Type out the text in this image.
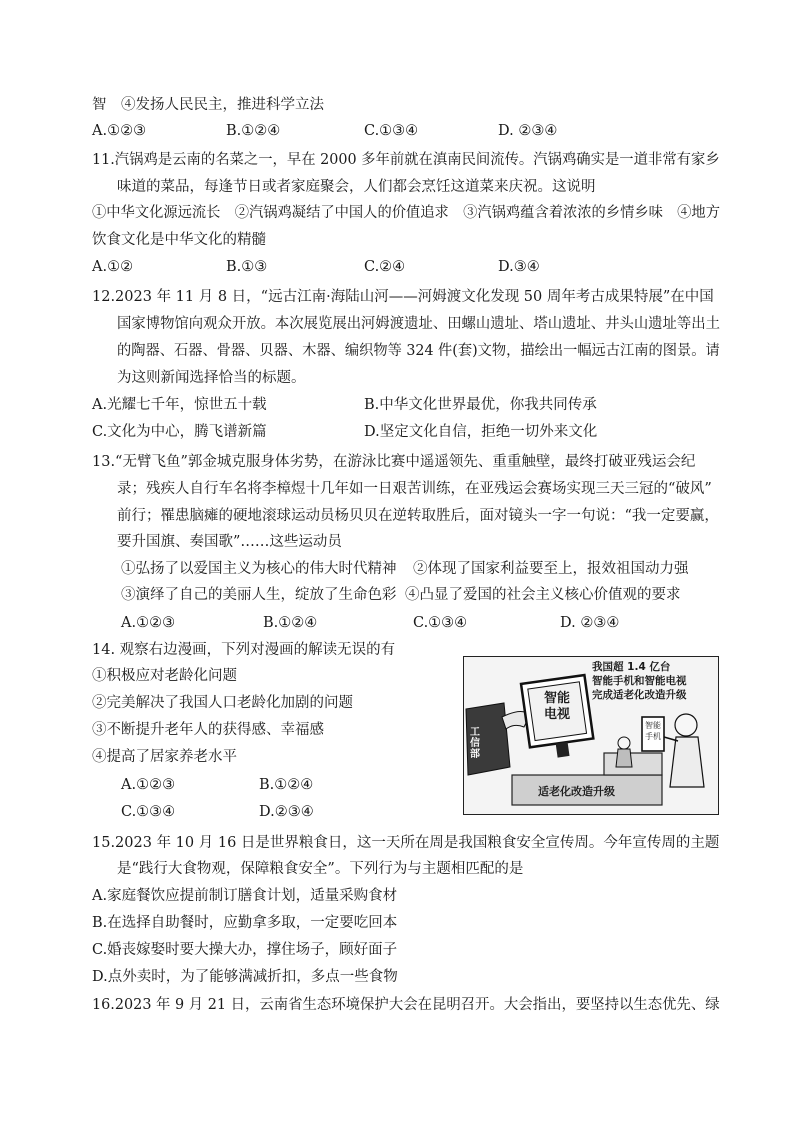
智　④发扬人民民主，推进科学立法
A.①②③	B.①②④	C.①③④	D. ②③④
11.汽锅鸡是云南的名菜之一，早在 2000 多年前就在滇南民间流传。汽锅鸡确实是一道非常有家乡
味道的菜品，每逢节日或者家庭聚会，人们都会烹饪这道菜来庆祝。这说明
①中华文化源远流长　②汽锅鸡凝结了中国人的价值追求　③汽锅鸡蕴含着浓浓的乡情乡味　④地方
饮食文化是中华文化的精髓
A.①②	B.①③	C.②④	D.③④
12.2023 年 11 月 8 日，“远古江南·海陆山河——河姆渡文化发现 50 周年考古成果特展”在中国
国家博物馆向观众开放。本次展览展出河姆渡遗址、田螺山遗址、塔山遗址、井头山遗址等出土
的陶器、石器、骨器、贝器、木器、编织物等 324 件(套)文物，描绘出一幅远古江南的图景。请
为这则新闻选择恰当的标题。
A.光耀七千年，惊世五十载	B.中华文化世界最优，你我共同传承
C.文化为中心，腾飞谱新篇	D.坚定文化自信，拒绝一切外来文化
13.“无臂飞鱼”郭金城克服身体劣势，在游泳比赛中遥遥领先、重重触壁，最终打破亚残运会纪
录；残疾人自行车名将李樟煜十几年如一日艰苦训练，在亚残运会赛场实现三天三冠的“破风”
前行；罹患脑瘫的硬地滚球运动员杨贝贝在逆转取胜后，面对镜头一字一句说：“我一定要赢，
要升国旗、奏国歌”……这些运动员
①弘扬了以爱国主义为核心的伟大时代精神 ②体现了国家利益要至上，报效祖国动力强
③演绎了自己的美丽人生，绽放了生命色彩 ④凸显了爱国的社会主义核心价值观的要求
A.①②③	B.①②④	C.①③④	D. ②③④
14. 观察右边漫画，下列对漫画的解读无误的有
①积极应对老龄化问题
②完美解决了我国人口老龄化加剧的问题
③不断提升老年人的获得感、幸福感
④提高了居家养老水平
A.①②③	B.①②④
C.①③④	D.②③④
我国超 1.4 亿台
智能手机和智能电视
完成适老化改造升级
智能
电视
智能
手机
工信部
适老化改造升级
15.2023 年 10 月 16 日是世界粮食日，这一天所在周是我国粮食安全宣传周。今年宣传周的主题
是“践行大食物观，保障粮食安全”。下列行为与主题相匹配的是
A.家庭餐饮应提前制订膳食计划，适量采购食材
B.在选择自助餐时，应勤拿多取，一定要吃回本
C.婚丧嫁娶时要大操大办，撑住场子，顾好面子
D.点外卖时，为了能够满减折扣，多点一些食物
16.2023 年 9 月 21 日，云南省生态环境保护大会在昆明召开。大会指出，要坚持以生态优先、绿
